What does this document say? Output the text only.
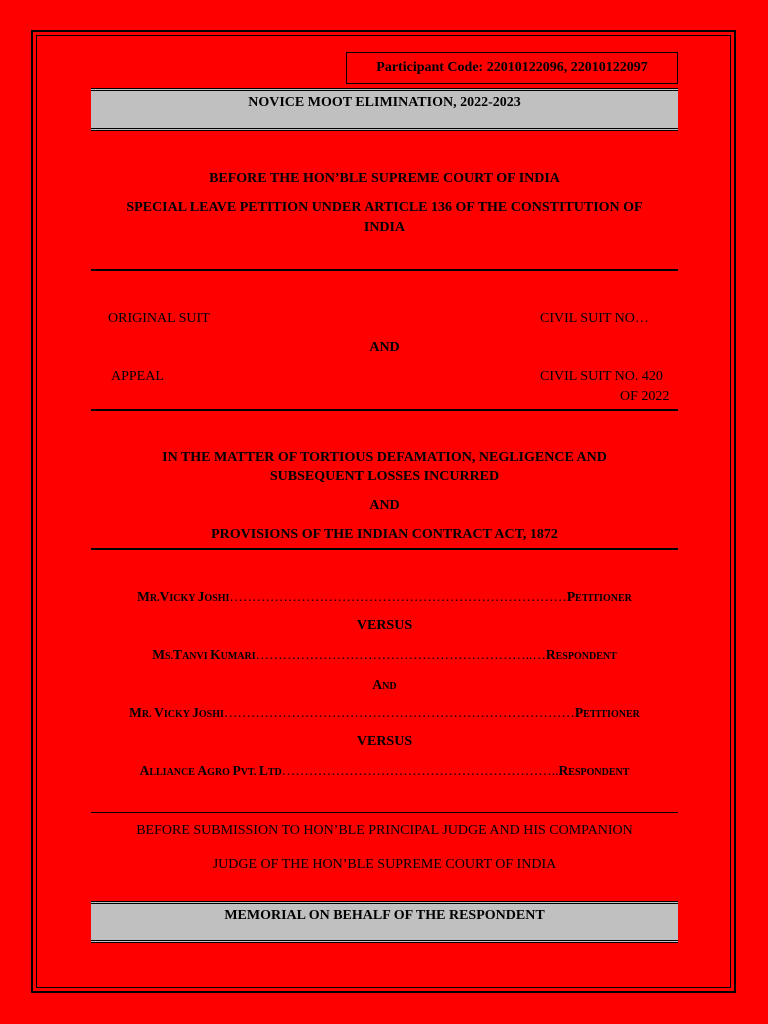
Participant Code: 22010122096, 22010122097
NOVICE MOOT ELIMINATION, 2022-2023
BEFORE THE HON’BLE SUPREME COURT OF INDIA
SPECIAL LEAVE PETITION UNDER ARTICLE 136 OF THE CONSTITUTION OF
INDIA
ORIGINAL SUIT	CIVIL SUIT NO…
AND
APPEAL	CIVIL SUIT NO. 420
OF 2022
IN THE MATTER OF TORTIOUS DEFAMATION, NEGLIGENCE AND
SUBSEQUENT LOSSES INCURRED
AND
PROVISIONS OF THE INDIAN CONTRACT ACT, 1872
MR.VICKY JOSHI…………………………………………………………………PETITIONER
VERSUS
MS.TANVI KUMARI……………………………………………………..…RESPONDENT
AND
MR. VICKY JOSHI……………………………………………………………………PETITIONER
VERSUS
ALLIANCE AGRO PVT. LTD……………………………………………………..RESPONDENT
BEFORE SUBMISSION TO HON’BLE PRINCIPAL JUDGE AND HIS COMPANION
JUDGE OF THE HON’BLE SUPREME COURT OF INDIA
MEMORIAL ON BEHALF OF THE RESPONDENT
